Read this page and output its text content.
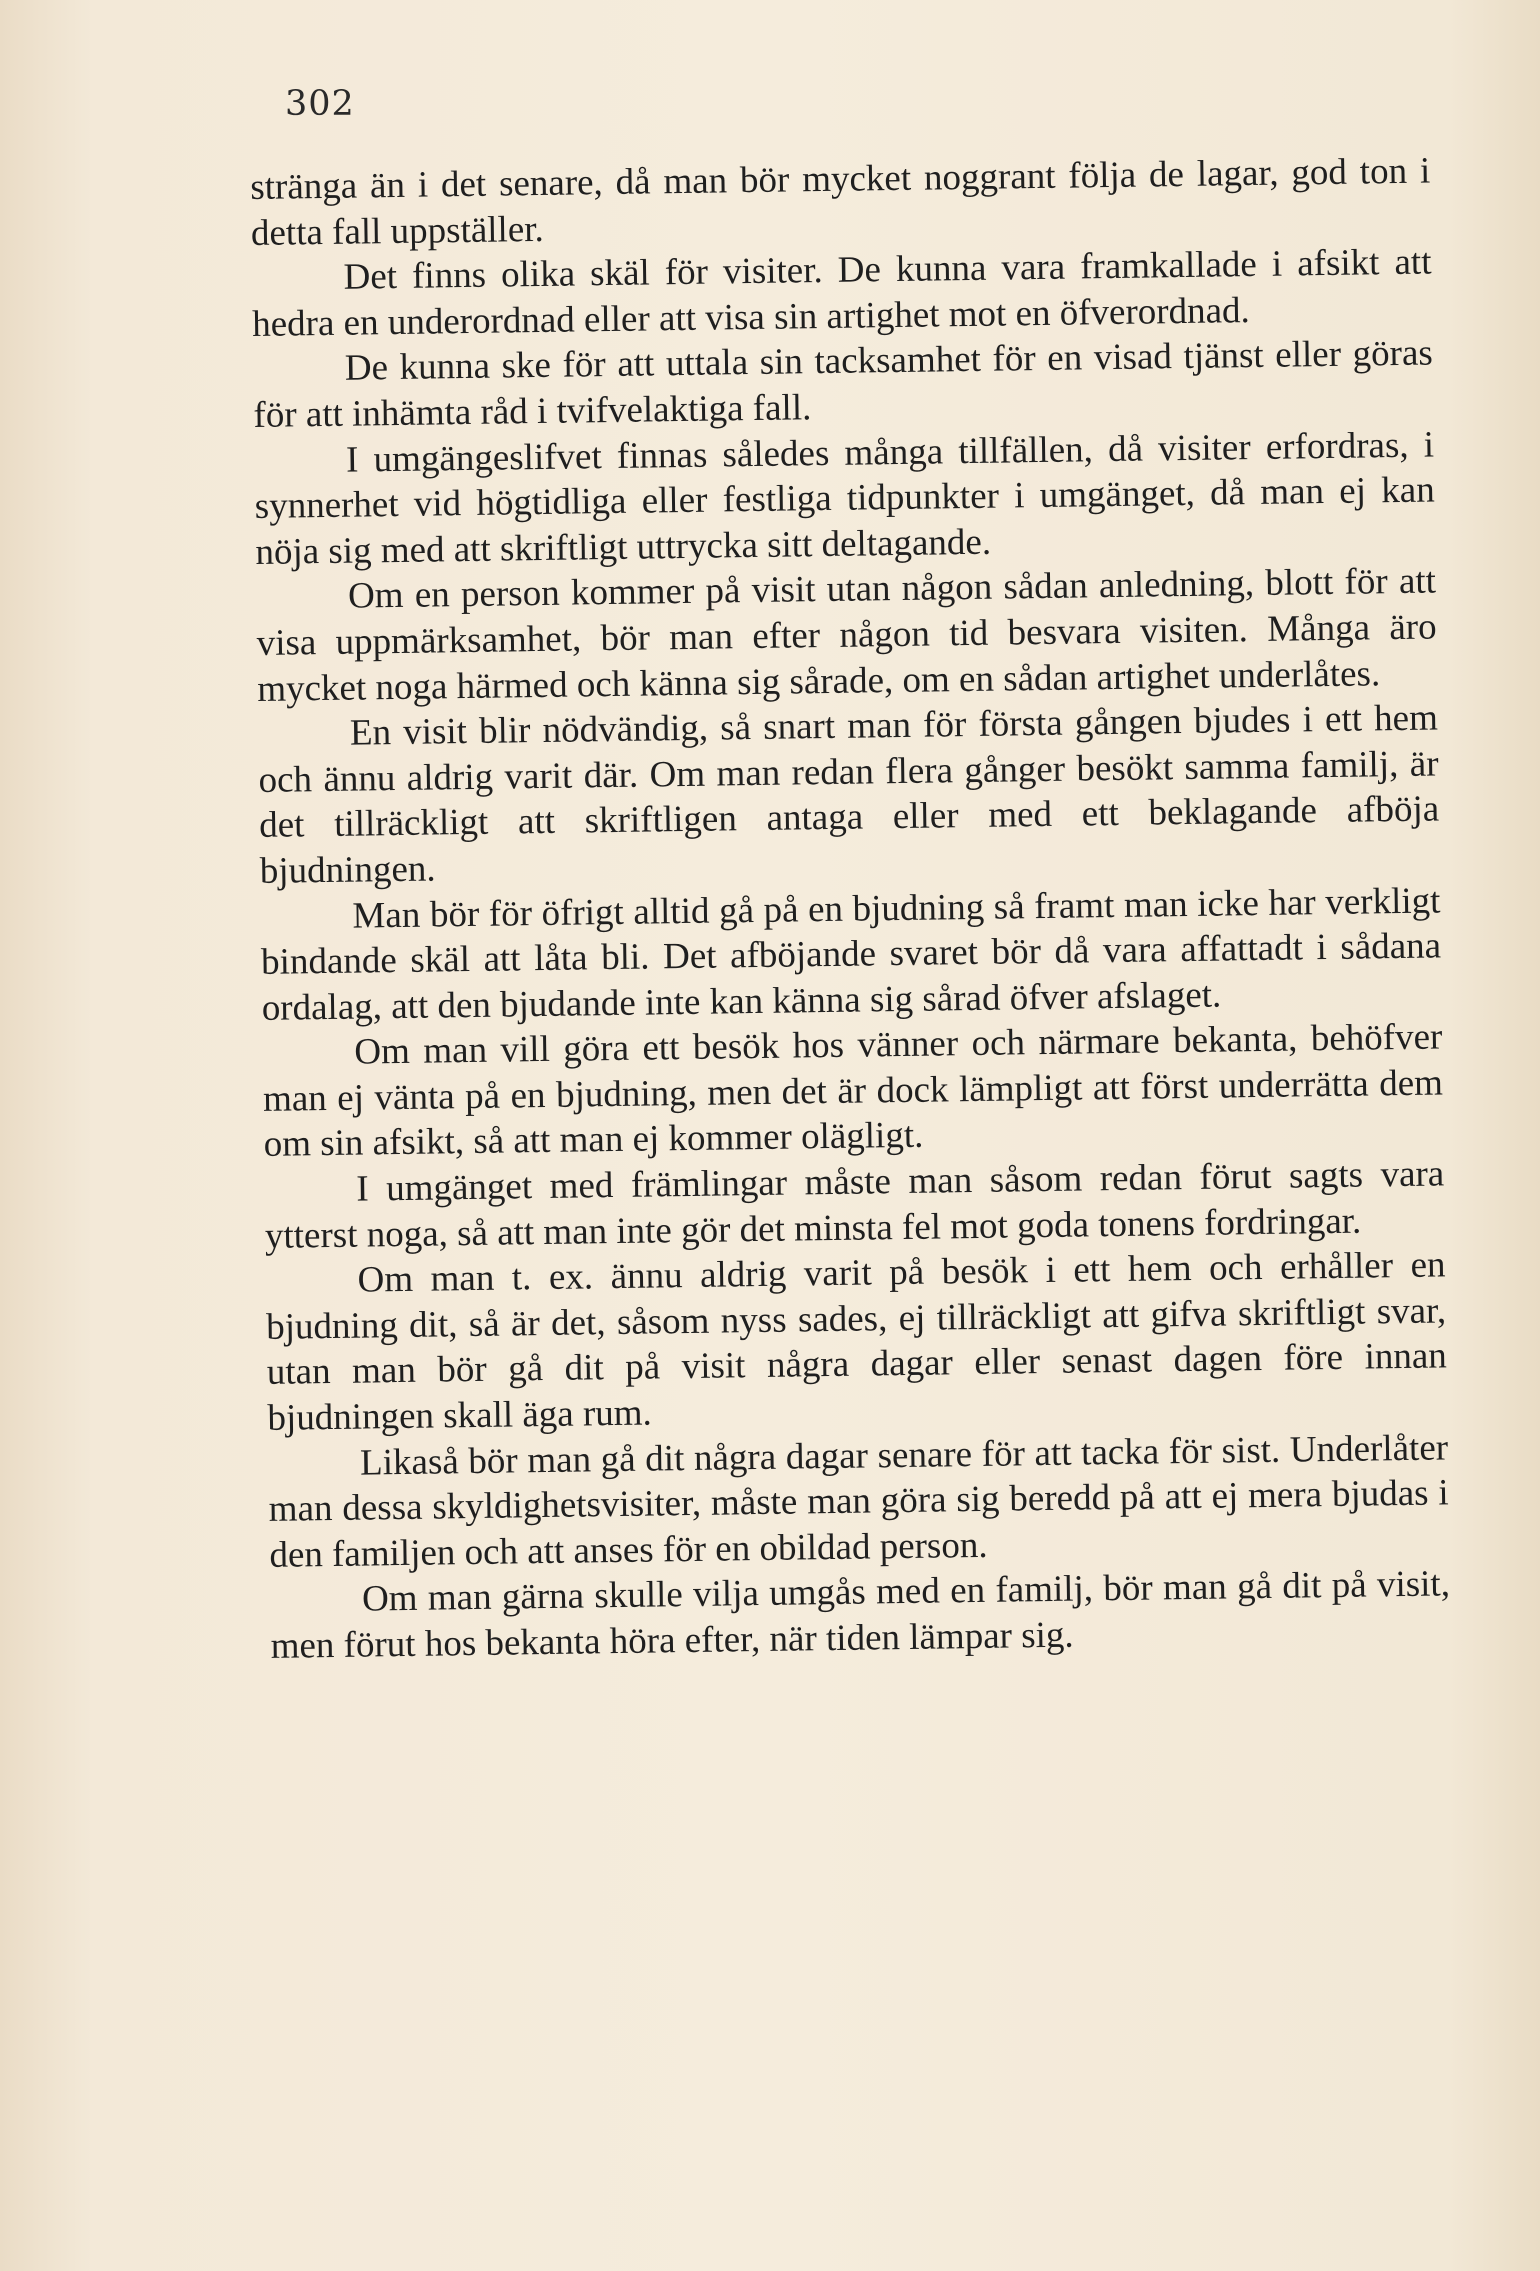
302

stränga än i det senare, då man bör mycket noggrant följa de lagar, god ton i detta fall uppställer.

Det finns olika skäl för visiter. De kunna vara framkallade i afsikt att hedra en underordnad eller att visa sin artighet mot en öfverordnad.

De kunna ske för att uttala sin tacksamhet för en visad tjänst eller göras för att inhämta råd i tvifvelaktiga fall.

I umgängeslifvet finnas således många tillfällen, då visiter erfordras, i synnerhet vid högtidliga eller festliga tidpunkter i umgänget, då man ej kan nöja sig med att skriftligt uttrycka sitt deltagande.

Om en person kommer på visit utan någon sådan anledning, blott för att visa uppmärksamhet, bör man efter någon tid besvara visiten. Många äro mycket noga härmed och känna sig sårade, om en sådan artighet underlåtes.

En visit blir nödvändig, så snart man för första gången bjudes i ett hem och ännu aldrig varit där. Om man redan flera gånger besökt samma familj, är det tillräckligt att skriftligen antaga eller med ett beklagande afböja bjudningen.

Man bör för öfrigt alltid gå på en bjudning så framt man icke har verkligt bindande skäl att låta bli. Det afböjande svaret bör då vara affattadt i sådana ordalag, att den bjudande inte kan känna sig sårad öfver afslaget.

Om man vill göra ett besök hos vänner och närmare bekanta, behöfver man ej vänta på en bjudning, men det är dock lämpligt att först underrätta dem om sin afsikt, så att man ej kommer olägligt.

I umgänget med främlingar måste man såsom redan förut sagts vara ytterst noga, så att man inte gör det minsta fel mot goda tonens fordringar.

Om man t. ex. ännu aldrig varit på besök i ett hem och erhåller en bjudning dit, så är det, såsom nyss sades, ej tillräckligt att gifva skriftligt svar, utan man bör gå dit på visit några dagar eller senast dagen före innan bjudningen skall äga rum.

Likaså bör man gå dit några dagar senare för att tacka för sist. Underlåter man dessa skyldighetsvisiter, måste man göra sig beredd på att ej mera bjudas i den familjen och att anses för en obildad person.

Om man gärna skulle vilja umgås med en familj, bör man gå dit på visit, men förut hos bekanta höra efter, när tiden lämpar sig.
